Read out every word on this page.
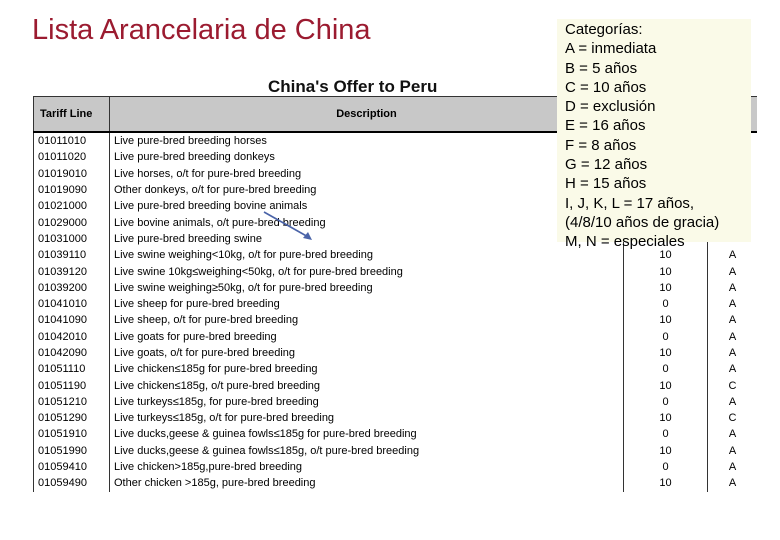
Lista Arancelaria de China
China's Offer to Peru
Tariff Line	Description		
01011010	Live pure-bred breeding horses		
01011020	Live pure-bred breeding donkeys		
01019010	Live horses, o/t for pure-bred breeding		
01019090	Other donkeys, o/t for pure-bred breeding		
01021000	Live pure-bred breeding bovine animals		
01029000	Live bovine animals, o/t pure-bred breeding		
01031000	Live pure-bred breeding swine		
01039110	Live swine weighing<10kg, o/t for pure-bred breeding	10	A
01039120	Live swine 10kg≤weighing<50kg, o/t for pure-bred breeding	10	A
01039200	Live swine weighing≥50kg, o/t for pure-bred breeding	10	A
01041010	Live sheep for pure-bred breeding	0	A
01041090	Live sheep, o/t for pure-bred breeding	10	A
01042010	Live goats for pure-bred breeding	0	A
01042090	Live goats, o/t for pure-bred breeding	10	A
01051110	Live chicken≤185g for pure-bred breeding	0	A
01051190	Live chicken≤185g, o/t pure-bred breeding	10	C
01051210	Live turkeys≤185g, for pure-bred breeding	0	A
01051290	Live turkeys≤185g, o/t for pure-bred breeding	10	C
01051910	Live ducks,geese & guinea fowls≤185g for pure-bred breeding	0	A
01051990	Live ducks,geese & guinea fowls≤185g, o/t pure-bred breeding	10	A
01059410	Live chicken>185g,pure-bred breeding	0	A
01059490	Other chicken >185g, pure-bred breeding	10	A
Categorías:
A = inmediata
B = 5 años
C = 10 años
D = exclusión
E = 16 años
F = 8 años
G = 12 años
H = 15 años
I, J, K, L = 17 años,
(4/8/10 años de gracia)
M, N = especiales
